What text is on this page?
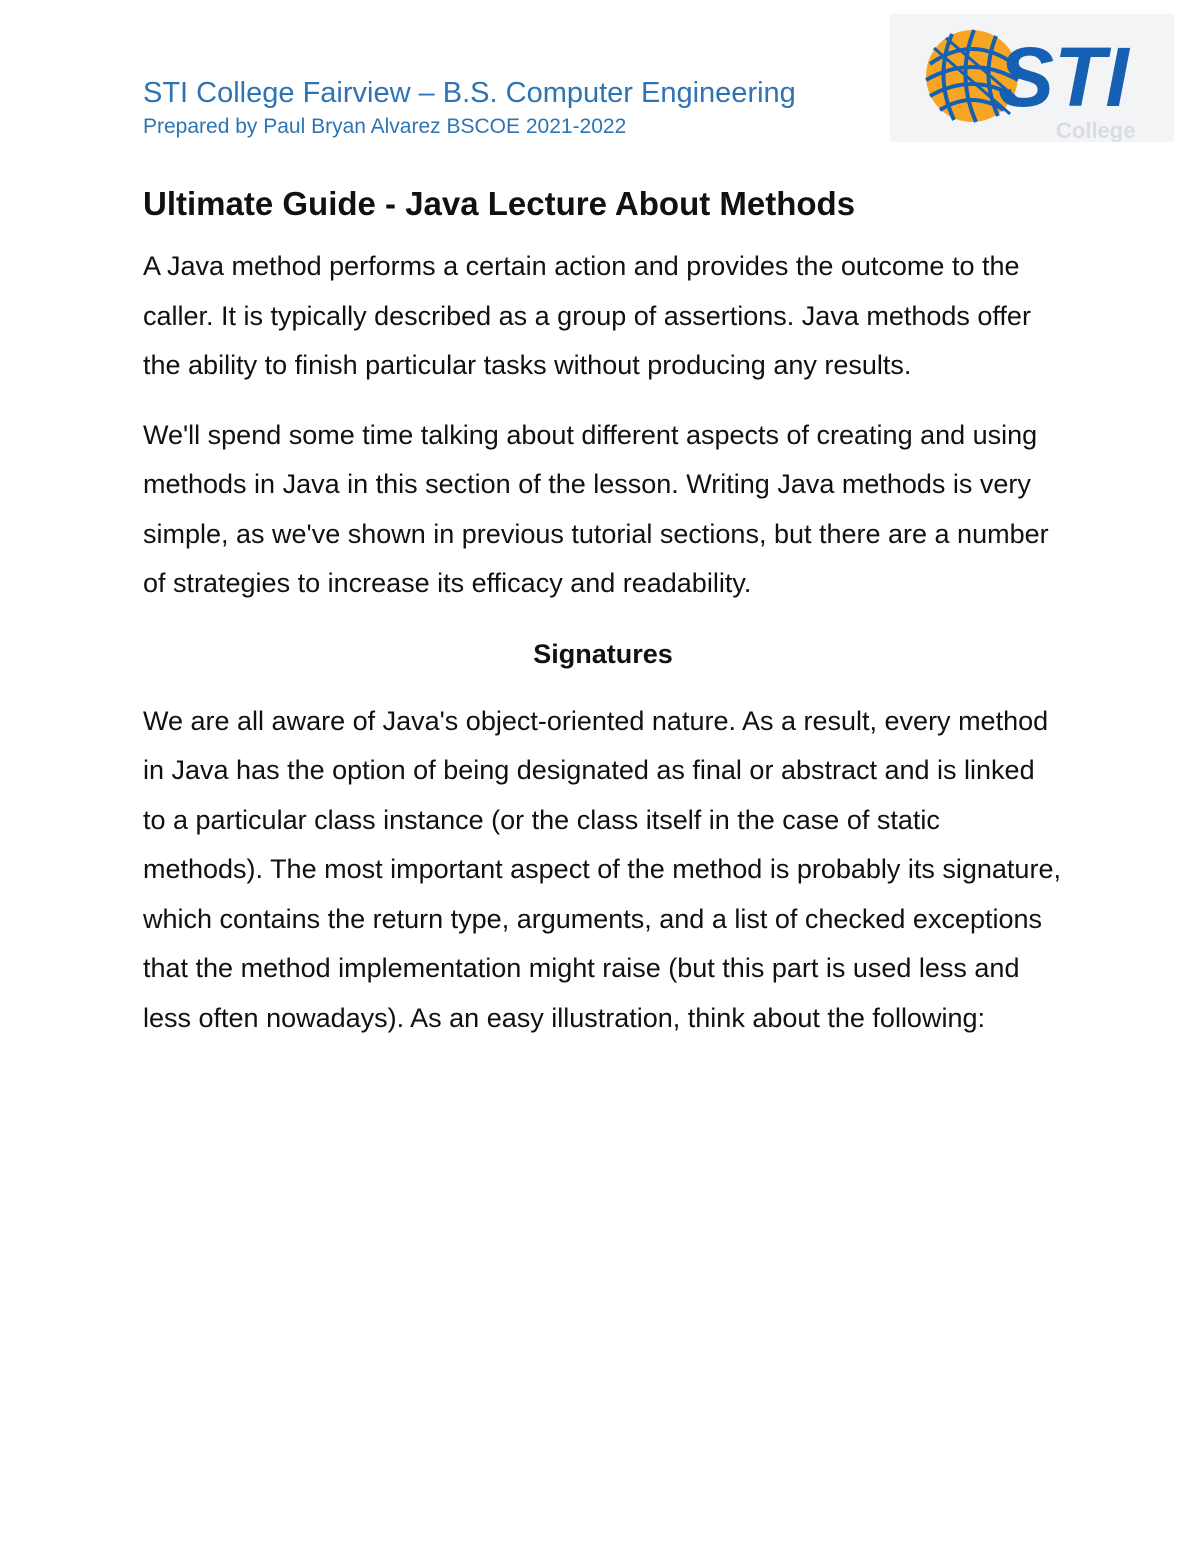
STI College Fairview – B.S. Computer Engineering
Prepared by Paul Bryan Alvarez BSCOE 2021-2022
STI
College
Ultimate Guide - Java Lecture About Methods

A Java method performs a certain action and provides the outcome to the caller. It is typically described as a group of assertions. Java methods offer the ability to finish particular tasks without producing any results.

We'll spend some time talking about different aspects of creating and using methods in Java in this section of the lesson. Writing Java methods is very simple, as we've shown in previous tutorial sections, but there are a number of strategies to increase its efficacy and readability.

Signatures

We are all aware of Java's object-oriented nature. As a result, every method in Java has the option of being designated as final or abstract and is linked to a particular class instance (or the class itself in the case of static methods). The most important aspect of the method is probably its signature, which contains the return type, arguments, and a list of checked exceptions that the method implementation might raise (but this part is used less and less often nowadays). As an easy illustration, think about the following:
